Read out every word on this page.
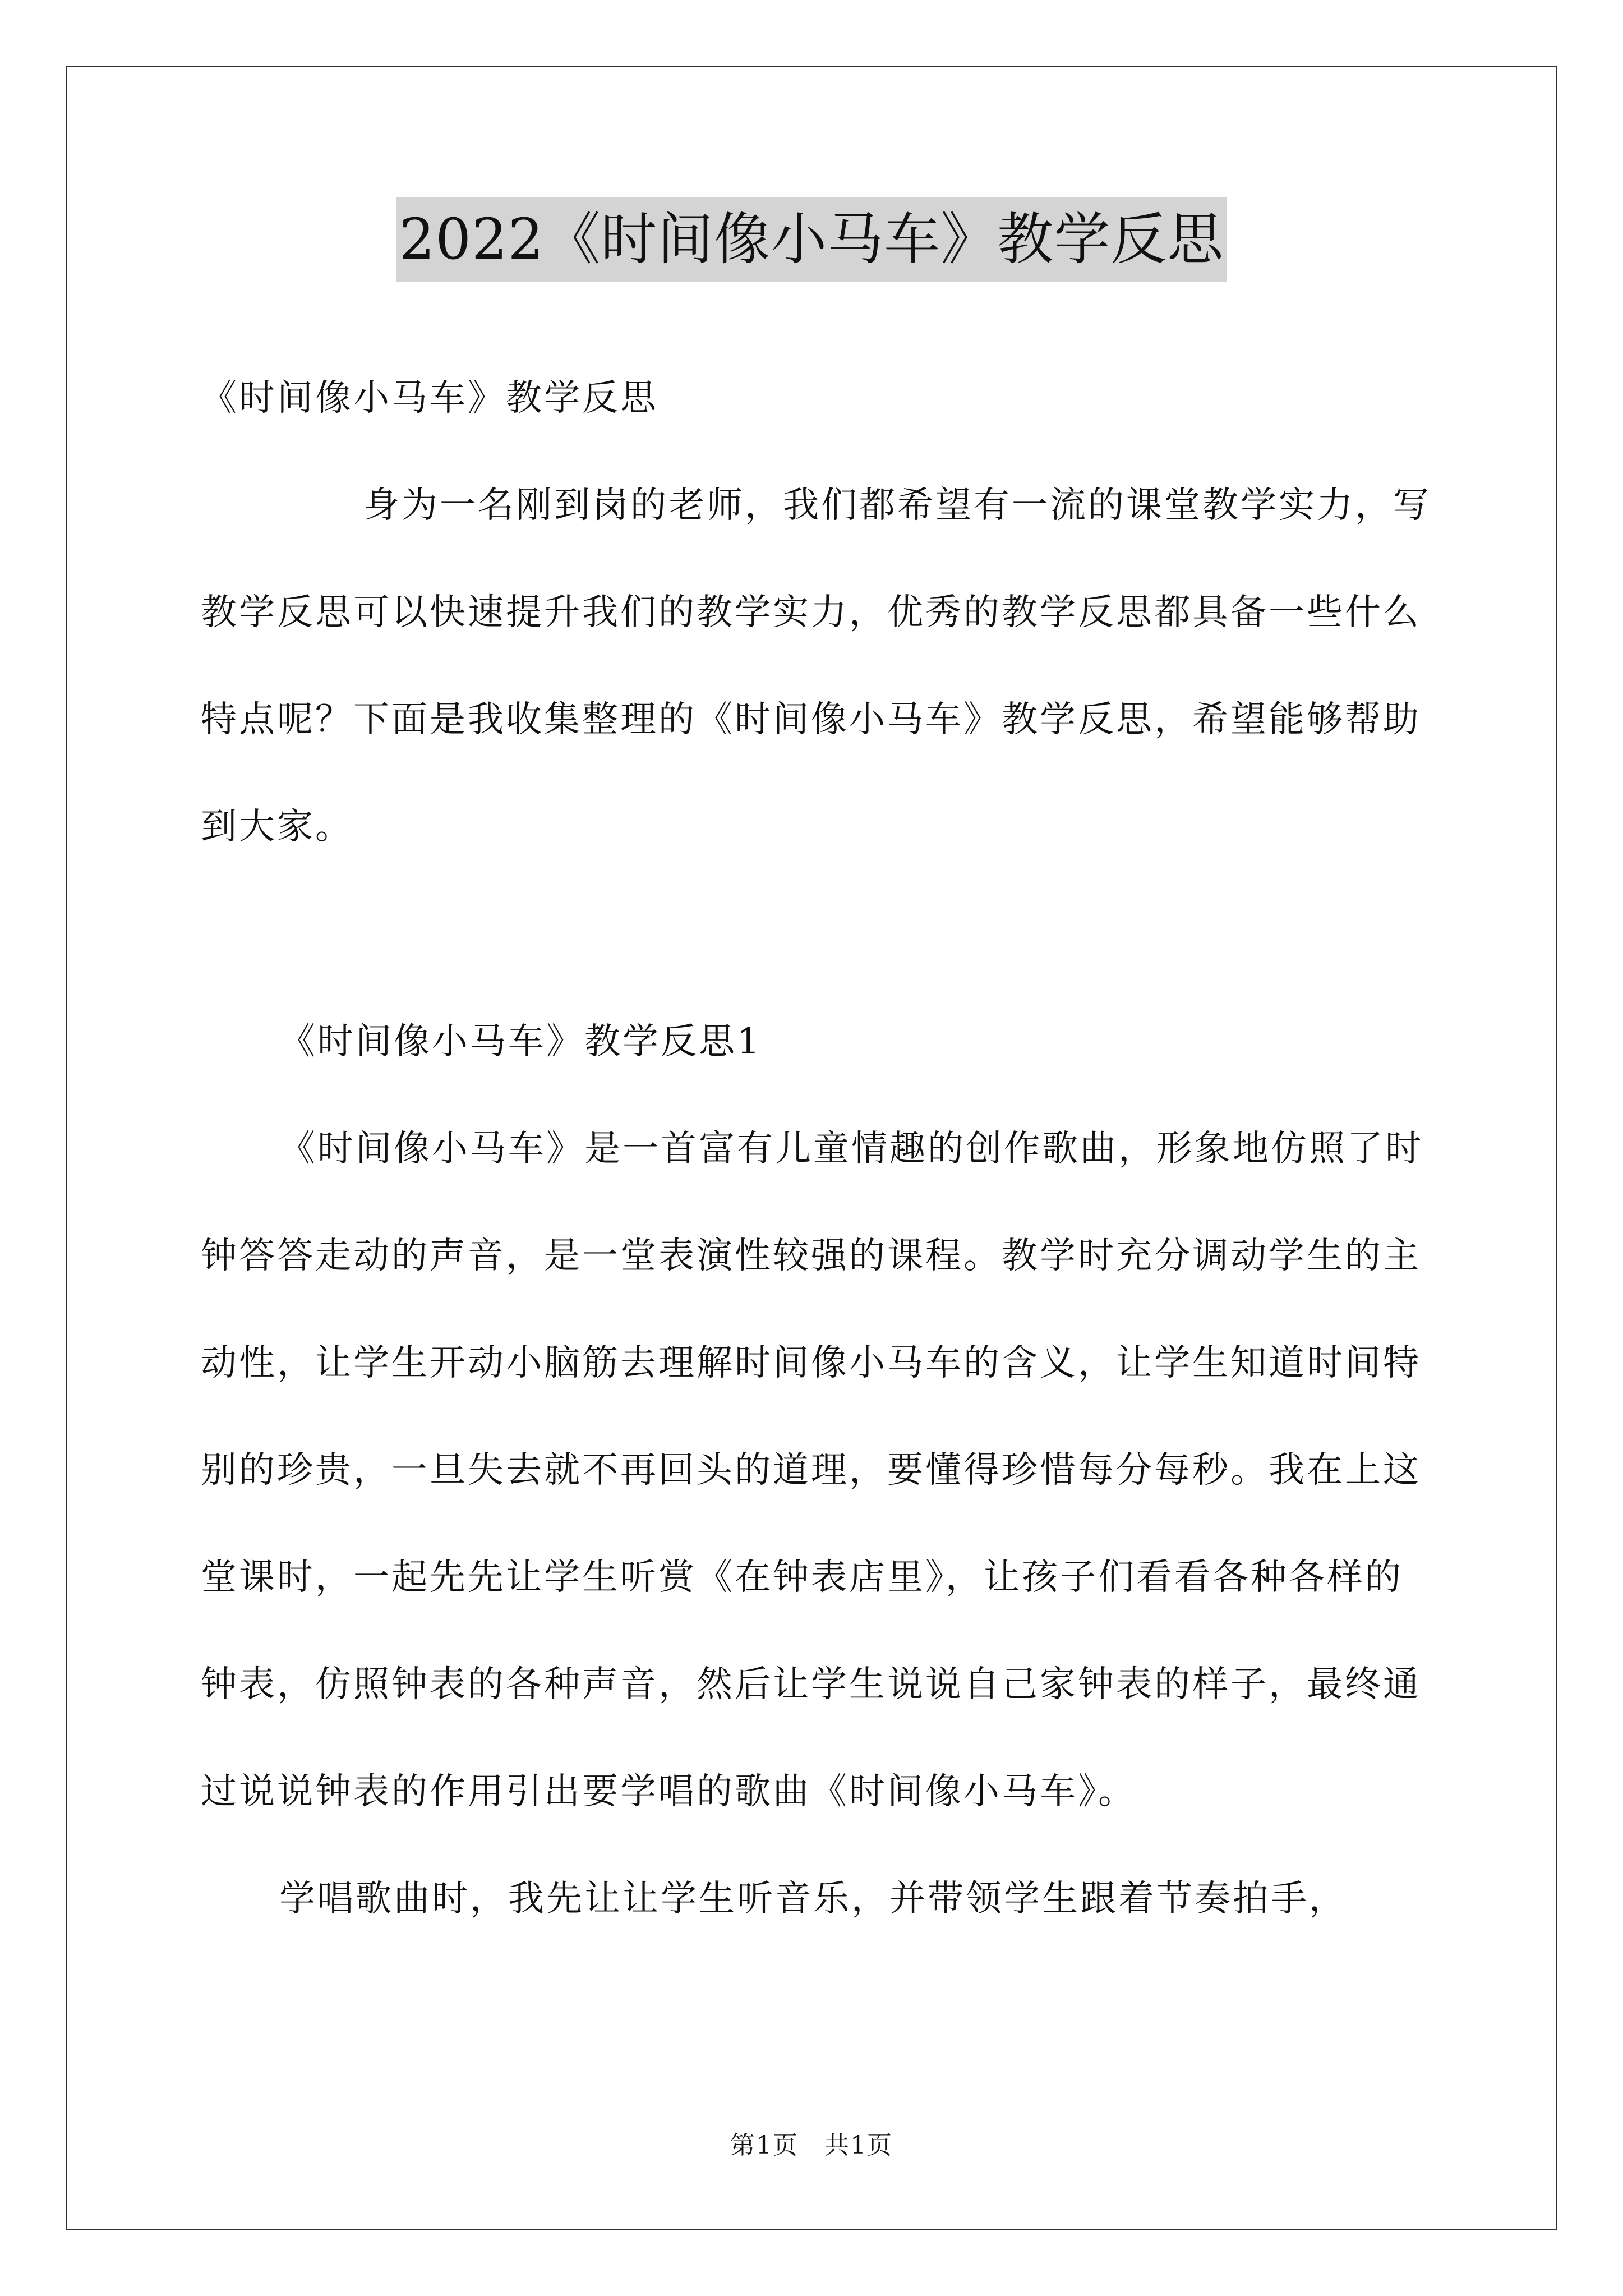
2022《时间像小马车》教学反思

《时间像小马车》教学反思

身为一名刚到岗的老师，我们都希望有一流的课堂教学实力，写教学反思可以快速提升我们的教学实力，优秀的教学反思都具备一些什么特点呢？下面是我收集整理的《时间像小马车》教学反思，希望能够帮助到大家。

《时间像小马车》教学反思1

《时间像小马车》是一首富有儿童情趣的创作歌曲，形象地仿照了时钟答答走动的声音，是一堂表演性较强的课程。教学时充分调动学生的主动性，让学生开动小脑筋去理解时间像小马车的含义，让学生知道时间特别的珍贵，一旦失去就不再回头的道理，要懂得珍惜每分每秒。我在上这堂课时，一起先先让学生听赏《在钟表店里》，让孩子们看看各种各样的钟表，仿照钟表的各种声音，然后让学生说说自己家钟表的样子，最终通过说说钟表的作用引出要学唱的歌曲《时间像小马车》。

学唱歌曲时，我先让让学生听音乐，并带领学生跟着节奏拍手，

第1页　共1页
